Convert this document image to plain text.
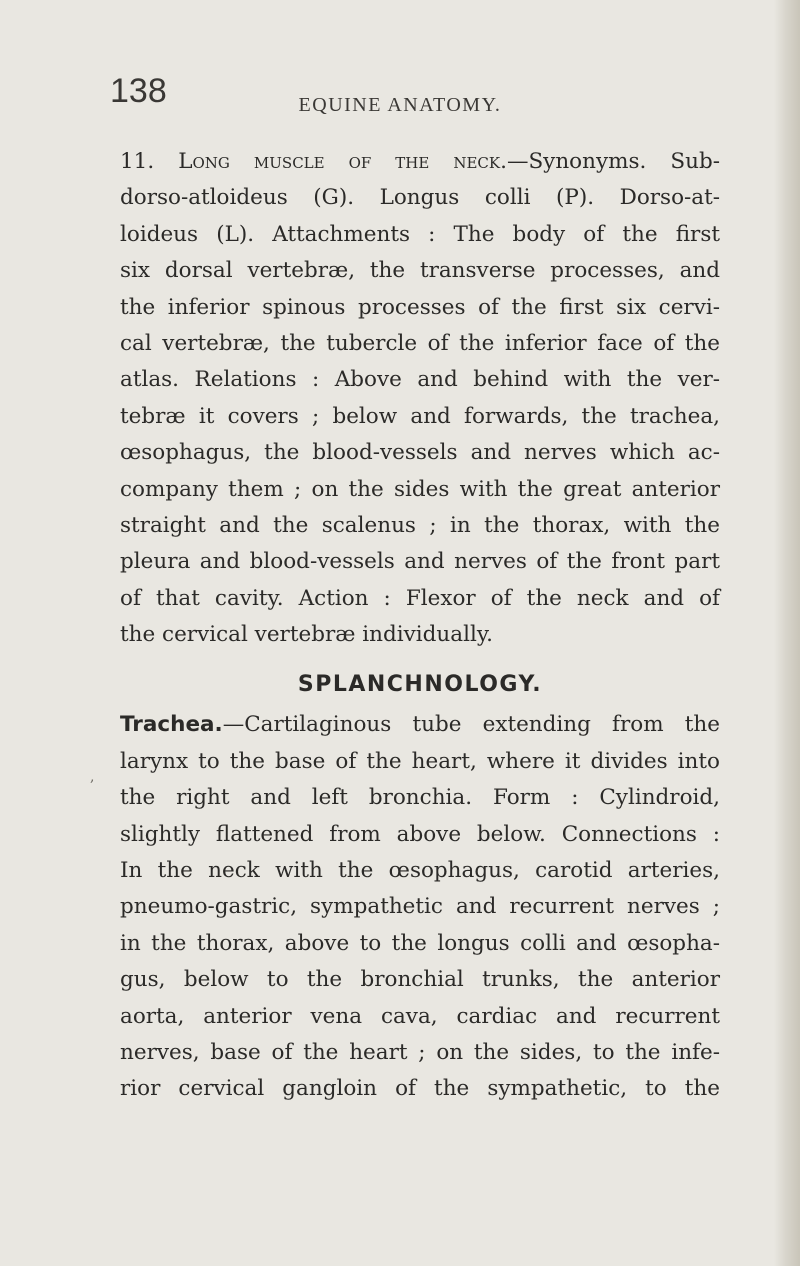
138	EQUINE ANATOMY.
,
11. Long muscle of the neck.—Synonyms. Sub-
dorso-atloideus (G). Longus colli (P). Dorso-at-
loideus (L). Attachments : The body of the first
six dorsal vertebræ, the transverse processes, and
the inferior spinous processes of the first six cervi-
cal vertebræ, the tubercle of the inferior face of the
atlas. Relations : Above and behind with the ver-
tebræ it covers ; below and forwards, the trachea,
œsophagus, the blood-vessels and nerves which ac-
company them ; on the sides with the great anterior
straight and the scalenus ; in the thorax, with the
pleura and blood-vessels and nerves of the front part
of that cavity. Action : Flexor of the neck and of
the cervical vertebræ individually.
SPLANCHNOLOGY.
Trachea.—Cartilaginous tube extending from the
larynx to the base of the heart, where it divides into
the right and left bronchia. Form : Cylindroid,
slightly flattened from above below. Connections :
In the neck with the œsophagus, carotid arteries,
pneumo-gastric, sympathetic and recurrent nerves ;
in the thorax, above to the longus colli and œsopha-
gus, below to the bronchial trunks, the anterior
aorta, anterior vena cava, cardiac and recurrent
nerves, base of the heart ; on the sides, to the infe-
rior cervical gangloin of the sympathetic, to the
